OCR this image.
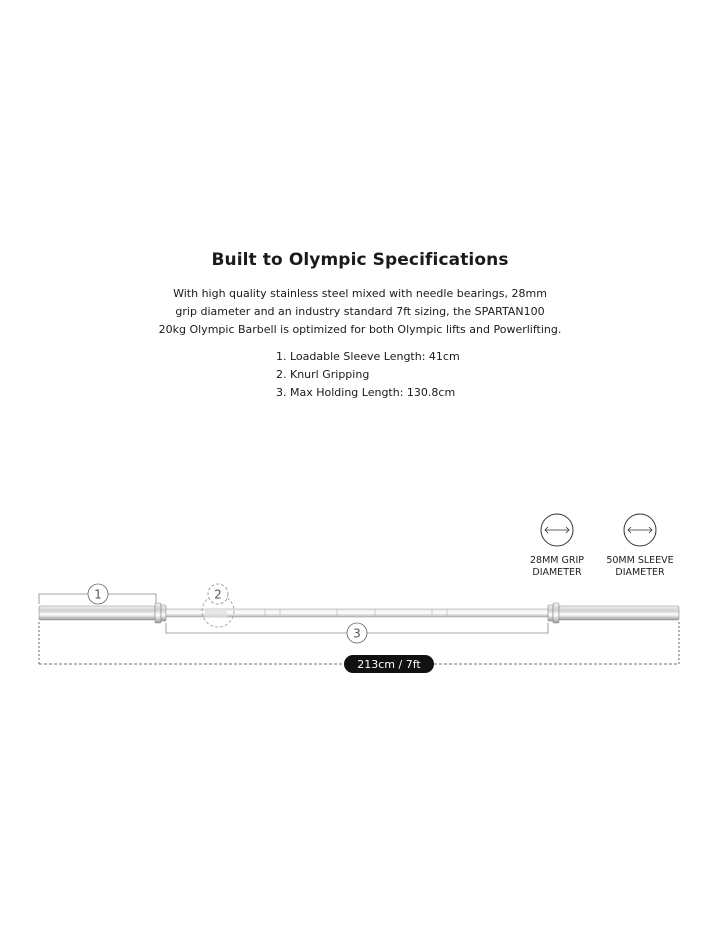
Built to Olympic Specifications
With high quality stainless steel mixed with needle bearings, 28mm
grip diameter and an industry standard 7ft sizing, the SPARTAN100
20kg Olympic Barbell is optimized for both Olympic lifts and Powerlifting.
1. Loadable Sleeve Length: 41cm
2. Knurl Gripping
3. Max Holding Length: 130.8cm
28MM GRIP
DIAMETER
50MM SLEEVE
DIAMETER
1	2
3
213cm / 7ft
